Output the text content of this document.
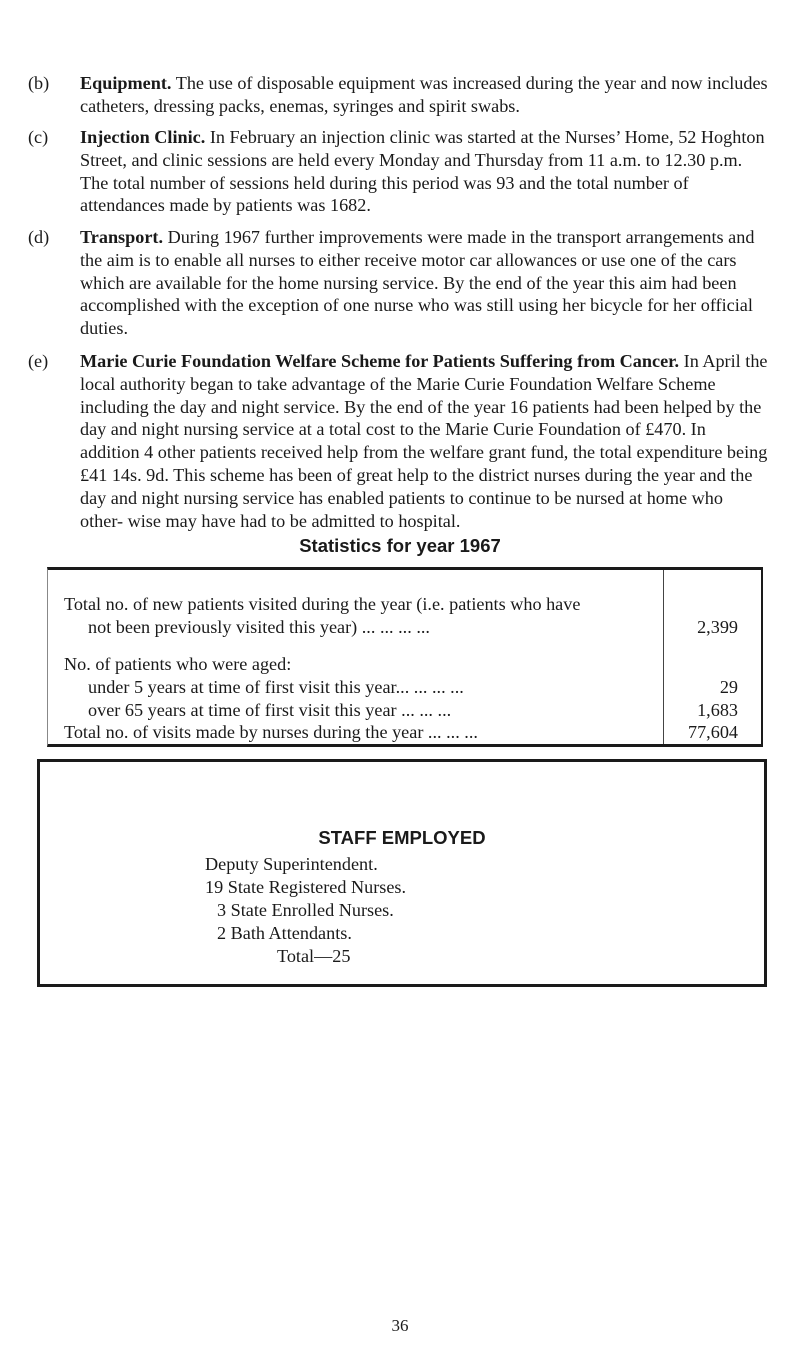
(b) Equipment. The use of disposable equipment was increased during the year and now includes catheters, dressing packs, enemas, syringes and spirit swabs.
(c) Injection Clinic. In February an injection clinic was started at the Nurses’ Home, 52 Hoghton Street, and clinic sessions are held every Monday and Thursday from 11 a.m. to 12.30 p.m. The total number of sessions held during this period was 93 and the total number of attendances made by patients was 1682.
(d) Transport. During 1967 further improvements were made in the transport arrangements and the aim is to enable all nurses to either receive motor car allowances or use one of the cars which are available for the home nursing service. By the end of the year this aim had been accomplished with the exception of one nurse who was still using her bicycle for her official duties.
(e) Marie Curie Foundation Welfare Scheme for Patients Suffering from Cancer. In April the local authority began to take advantage of the Marie Curie Foundation Welfare Scheme including the day and night service. By the end of the year 16 patients had been helped by the day and night nursing service at a total cost to the Marie Curie Foundation of £470. In addition 4 other patients received help from the welfare grant fund, the total expenditure being £41 14s. 9d. This scheme has been of great help to the district nurses during the year and the day and night nursing service has enabled patients to continue to be nursed at home who other- wise may have had to be admitted to hospital.
Statistics for year 1967
Total no. of new patients visited during the year (i.e. patients who have
not been previously visited this year) ... ... ... ...	2,399
No. of patients who were aged:
under 5 years at time of first visit this year... ... ... ...	29
over 65 years at time of first visit this year ... ... ...	1,683
Total no. of visits made by nurses during the year ... ... ...	77,604
STAFF EMPLOYED
Deputy Superintendent.
19 State Registered Nurses.
3 State Enrolled Nurses.
2 Bath Attendants.
Total—25
36
